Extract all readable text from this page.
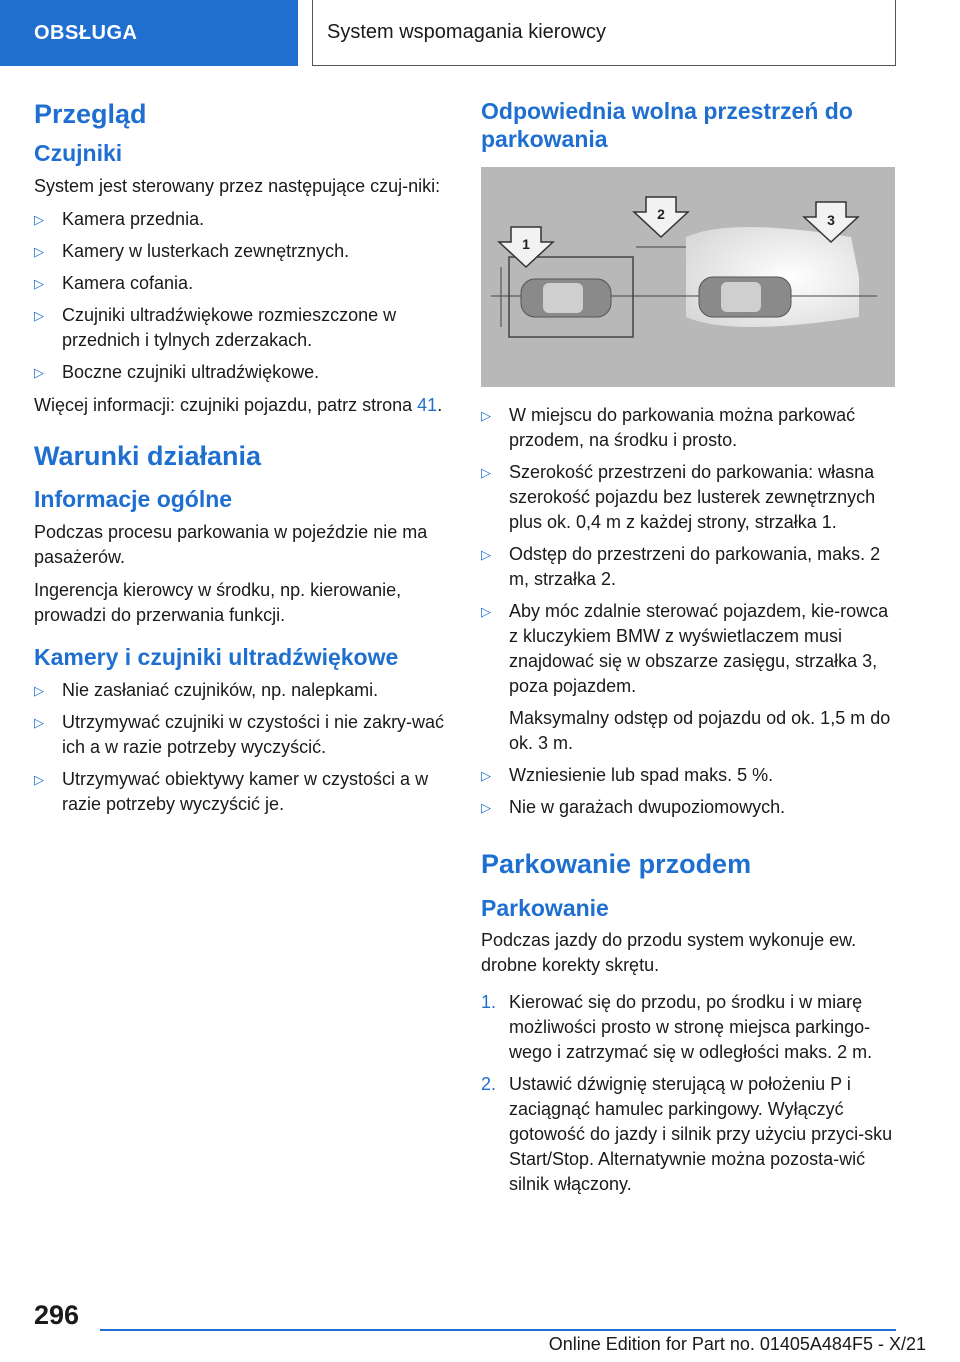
OBSŁUGA	System wspomagania kierowcy
Przegląd
Czujniki

System jest sterowany przez następujące czuj-niki:

▷ Kamera przednia.
▷ Kamery w lusterkach zewnętrznych.
▷ Kamera cofania.
▷ Czujniki ultradźwiękowe rozmieszczone w przednich i tylnych zderzakach.
▷ Boczne czujniki ultradźwiękowe.

Więcej informacji: czujniki pojazdu, patrz strona 41.

Warunki działania
Informacje ogólne

Podczas procesu parkowania w pojeździe nie ma pasażerów.

Ingerencja kierowcy w środku, np. kierowanie, prowadzi do przerwania funkcji.

Kamery i czujniki ultradźwiękowe
▷ Nie zasłaniać czujników, np. nalepkami.
▷ Utrzymywać czujniki w czystości i nie zakry-wać ich a w razie potrzeby wyczyścić.
▷ Utrzymywać obiektywy kamer w czystości a w razie potrzeby wyczyścić je.
Odpowiednia wolna przestrzeń do parkowania
1
2	3
▷ W miejscu do parkowania można parkować przodem, na środku i prosto.
▷ Szerokość przestrzeni do parkowania: własna szerokość pojazdu bez lusterek zewnętrznych plus ok. 0,4 m z każdej strony, strzałka 1.
▷ Odstęp do przestrzeni do parkowania, maks. 2 m, strzałka 2.
▷ Aby móc zdalnie sterować pojazdem, kie-rowca z kluczykiem BMW z wyświetlaczem musi znajdować się w obszarze zasięgu, strzałka 3, poza pojazdem.
Maksymalny odstęp od pojazdu od ok. 1,5 m do ok. 3 m.
▷ Wzniesienie lub spad maks. 5 %.
▷ Nie w garażach dwupoziomowych.
Parkowanie przodem
Parkowanie

Podczas jazdy do przodu system wykonuje ew. drobne korekty skrętu.

1. Kierować się do przodu, po środku i w miarę możliwości prosto w stronę miejsca parkingo-wego i zatrzymać się w odległości maks. 2 m.
2. Ustawić dźwignię sterującą w położeniu P i zaciągnąć hamulec parkingowy. Wyłączyć gotowość do jazdy i silnik przy użyciu przyci-sku Start/Stop. Alternatywnie można pozosta-wić silnik włączony.
296
Online Edition for Part no. 01405A484F5 - X/21
